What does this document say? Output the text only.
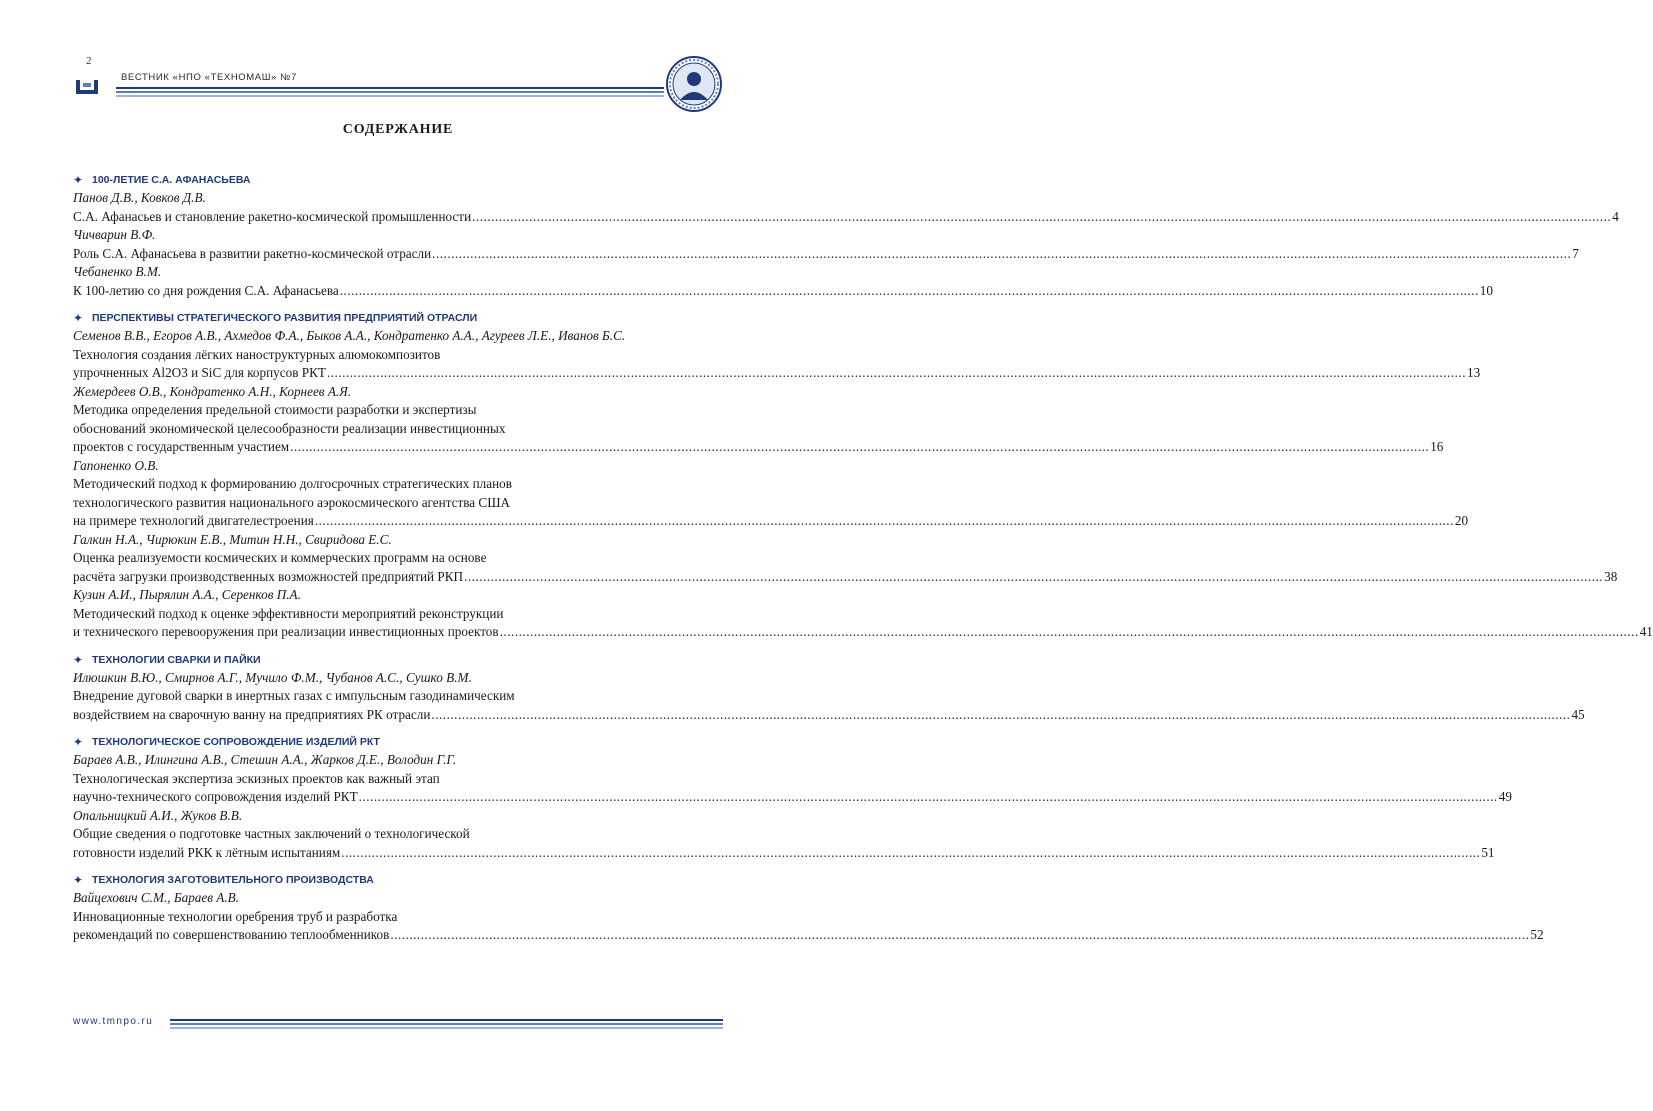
2
ВЕСТНИК «НПО «ТЕХНОМАШ» №7
СОДЕРЖАНИЕ
✦ 100-ЛЕТИЕ С.А. АФАНАСЬЕВА
Панов Д.В., Ковков Д.В.
С.А. Афанасьев и становление ракетно-космической промышленности ............................................................................................................................................................................................................................................................................................................ 4
Чичварин В.Ф.
Роль С.А. Афанасьева в развитии ракетно-космической отрасли ............................................................................................................................................................................................................................................................................................................ 7
Чебаненко В.М.
К 100-летию со дня рождения С.А. Афанасьева ............................................................................................................................................................................................................................................................................................................ 10
✦ ПЕРСПЕКТИВЫ СТРАТЕГИЧЕСКОГО РАЗВИТИЯ ПРЕДПРИЯТИЙ ОТРАСЛИ
Семенов В.В., Егоров А.В., Ахмедов Ф.А., Быков А.А., Кондратенко А.А., Агуреев Л.Е., Иванов Б.С.
Технология создания лёгких наноструктурных алюмокомпозитов
упрочненных Al2O3 и SiC для корпусов РКТ ............................................................................................................................................................................................................................................................................................................ 13
Жемердеев О.В., Кондратенко А.Н., Корнеев А.Я.
Методика определения предельной стоимости разработки и экспертизы
обоснований экономической целесообразности реализации инвестиционных
проектов с государственным участием ............................................................................................................................................................................................................................................................................................................ 16
Гапоненко О.В.
Методический подход к формированию долгосрочных стратегических планов
технологического развития национального аэрокосмического агентства США
на примере технологий двигателестроения ............................................................................................................................................................................................................................................................................................................ 20
Галкин Н.А., Чирюкин Е.В., Митин Н.Н., Свиридова Е.С.
Оценка реализуемости космических и коммерческих программ на основе
расчёта загрузки производственных возможностей предприятий РКП ............................................................................................................................................................................................................................................................................................................ 38
Кузин А.И., Пырялин А.А., Серенков П.А.
Методический подход к оценке эффективности мероприятий реконструкции
и технического перевооружения при реализации инвестиционных проектов ............................................................................................................................................................................................................................................................................................................ 41
✦ ТЕХНОЛОГИИ СВАРКИ И ПАЙКИ
Илюшкин В.Ю., Смирнов А.Г., Мучило Ф.М., Чубанов А.С., Сушко В.М.
Внедрение дуговой сварки в инертных газах с импульсным газодинамическим
воздействием на сварочную ванну на предприятиях РК отрасли ............................................................................................................................................................................................................................................................................................................ 45
✦ ТЕХНОЛОГИЧЕСКОЕ СОПРОВОЖДЕНИЕ ИЗДЕЛИЙ РКТ
Бараев А.В., Илингина А.В., Стешин А.А., Жарков Д.Е., Володин Г.Г.
Технологическая экспертиза эскизных проектов как важный этап
научно-технического сопровождения изделий РКТ ............................................................................................................................................................................................................................................................................................................ 49
Опальницкий А.И., Жуков В.В.
Общие сведения о подготовке частных заключений о технологической
готовности изделий РКК к лётным испытаниям ............................................................................................................................................................................................................................................................................................................ 51
✦ ТЕХНОЛОГИЯ ЗАГОТОВИТЕЛЬНОГО ПРОИЗВОДСТВА
Вайцехович С.М., Бараев А.В.
Инновационные технологии оребрения труб и разработка
рекомендаций по совершенствованию теплообменников ............................................................................................................................................................................................................................................................................................................ 52
www.tmnpo.ru
